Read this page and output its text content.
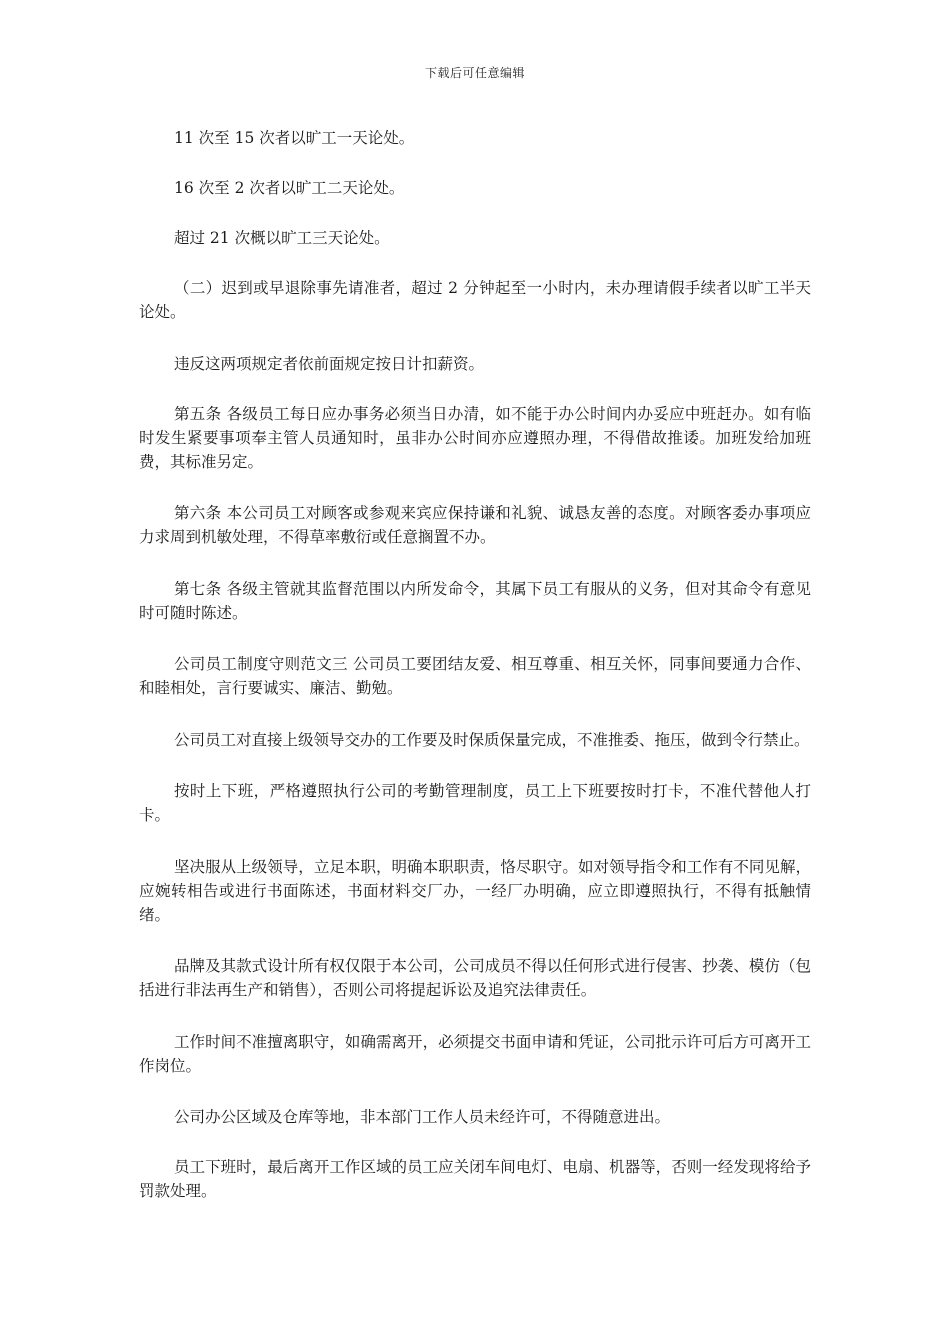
下载后可任意编辑

11 次至 15 次者以旷工一天论处。

16 次至 2 次者以旷工二天论处。

超过 21 次概以旷工三天论处。

（二）迟到或早退除事先请准者，超过 2 分钟起至一小时内，未办理请假手续者以旷工半天论处。

违反这两项规定者依前面规定按日计扣薪资。

第五条 各级员工每日应办事务必须当日办清，如不能于办公时间内办妥应中班赶办。如有临时发生紧要事项奉主管人员通知时，虽非办公时间亦应遵照办理，不得借故推诿。加班发给加班费，其标准另定。

第六条 本公司员工对顾客或参观来宾应保持谦和礼貌、诚恳友善的态度。对顾客委办事项应力求周到机敏处理，不得草率敷衍或任意搁置不办。

第七条 各级主管就其监督范围以内所发命令，其属下员工有服从的义务，但对其命令有意见时可随时陈述。

公司员工制度守则范文三 公司员工要团结友爱、相互尊重、相互关怀，同事间要通力合作、和睦相处，言行要诚实、廉洁、勤勉。

公司员工对直接上级领导交办的工作要及时保质保量完成，不准推委、拖压，做到令行禁止。

按时上下班，严格遵照执行公司的考勤管理制度，员工上下班要按时打卡，不准代替他人打卡。

坚决服从上级领导，立足本职，明确本职职责，恪尽职守。如对领导指令和工作有不同见解，应婉转相告或进行书面陈述，书面材料交厂办，一经厂办明确，应立即遵照执行，不得有抵触情绪。

品牌及其款式设计所有权仅限于本公司，公司成员不得以任何形式进行侵害、抄袭、模仿（包括进行非法再生产和销售），否则公司将提起诉讼及追究法律责任。

工作时间不准擅离职守，如确需离开，必须提交书面申请和凭证，公司批示许可后方可离开工作岗位。

公司办公区域及仓库等地，非本部门工作人员未经许可，不得随意进出。

员工下班时，最后离开工作区域的员工应关闭车间电灯、电扇、机器等，否则一经发现将给予罚款处理。
